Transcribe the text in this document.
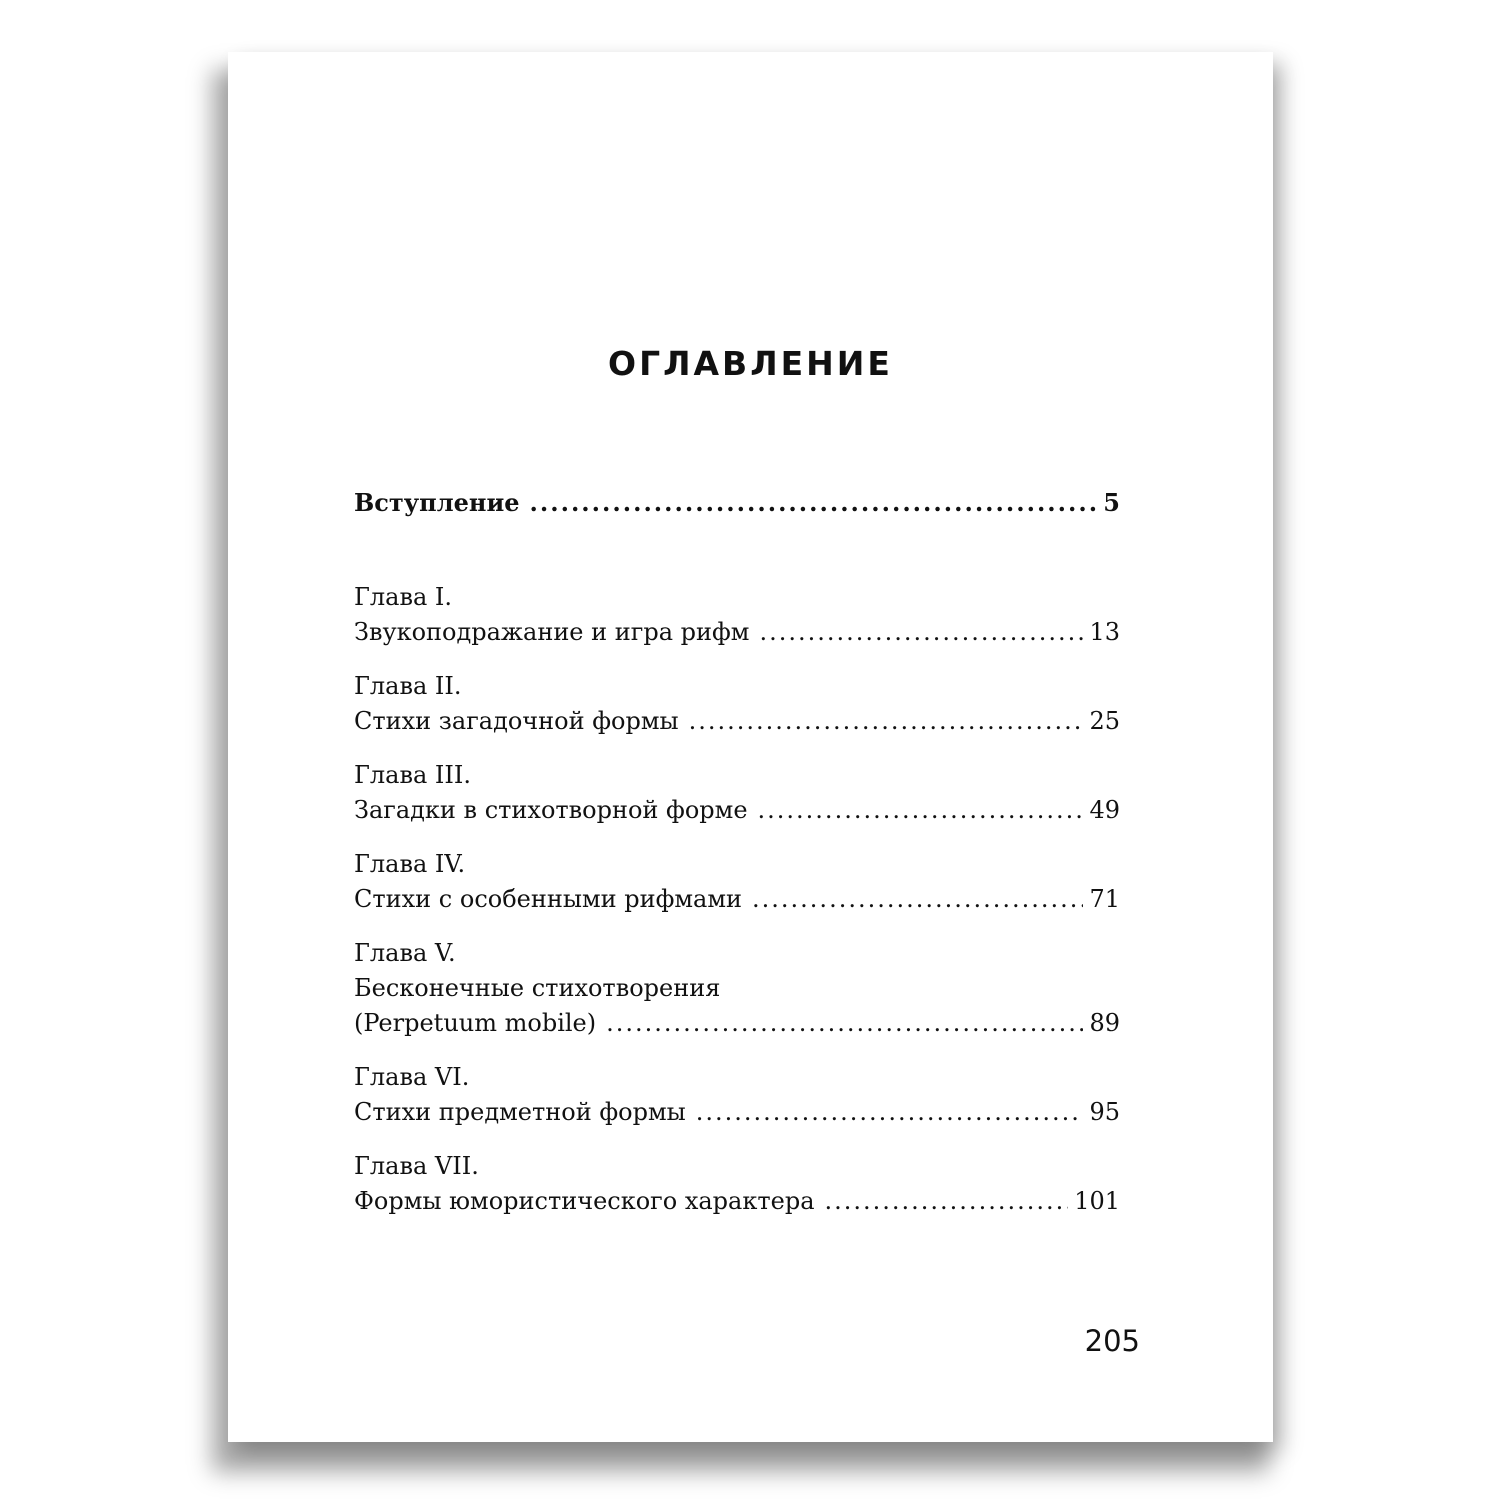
ОГЛАВЛЕНИЕ
Вступление .....	5
Глава I.
Звукоподражание и игра рифм .....	13
Глава II.
Стихи загадочной формы .....	25
Глава III.
Загадки в стихотворной форме .....	49
Глава IV.
Стихи с особенными рифмами .....	71
Глава V.
Бесконечные стихотворения
(Perpetuum mobile) .....	89
Глава VI.
Стихи предметной формы .....	95
Глава VII.
Формы юмористического характера .....	101
205
